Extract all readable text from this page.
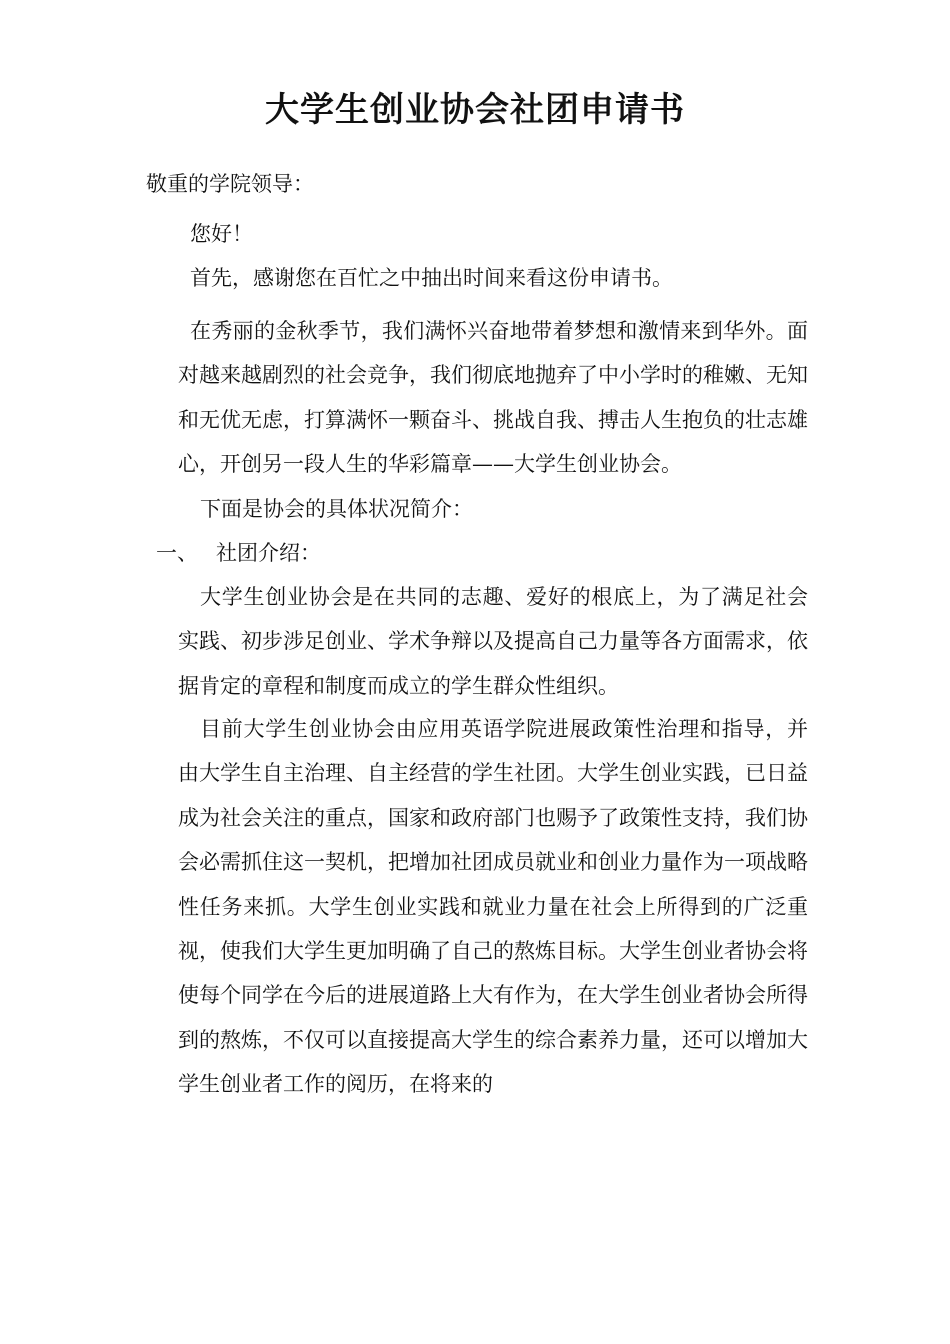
大学生创业协会社团申请书

敬重的学院领导：

您好！

首先，感谢您在百忙之中抽出时间来看这份申请书。

在秀丽的金秋季节，我们满怀兴奋地带着梦想和激情来到华外。面对越来越剧烈的社会竞争，我们彻底地抛弃了中小学时的稚嫩、无知和无优无虑，打算满怀一颗奋斗、挑战自我、搏击人生抱负的壮志雄心，开创另一段人生的华彩篇章——大学生创业协会。

下面是协会的具体状况简介：

一、 社团介绍：

大学生创业协会是在共同的志趣、爱好的根底上，为了满足社会实践、初步涉足创业、学术争辩以及提高自己力量等各方面需求，依据肯定的章程和制度而成立的学生群众性组织。

目前大学生创业协会由应用英语学院进展政策性治理和指导，并由大学生自主治理、自主经营的学生社团。大学生创业实践，已日益成为社会关注的重点，国家和政府部门也赐予了政策性支持，我们协会必需抓住这一契机，把增加社团成员就业和创业力量作为一项战略性任务来抓。大学生创业实践和就业力量在社会上所得到的广泛重视，使我们大学生更加明确了自己的熬炼目标。大学生创业者协会将使每个同学在今后的进展道路上大有作为，在大学生创业者协会所得到的熬炼，不仅可以直接提高大学生的综合素养力量，还可以增加大学生创业者工作的阅历，在将来的
